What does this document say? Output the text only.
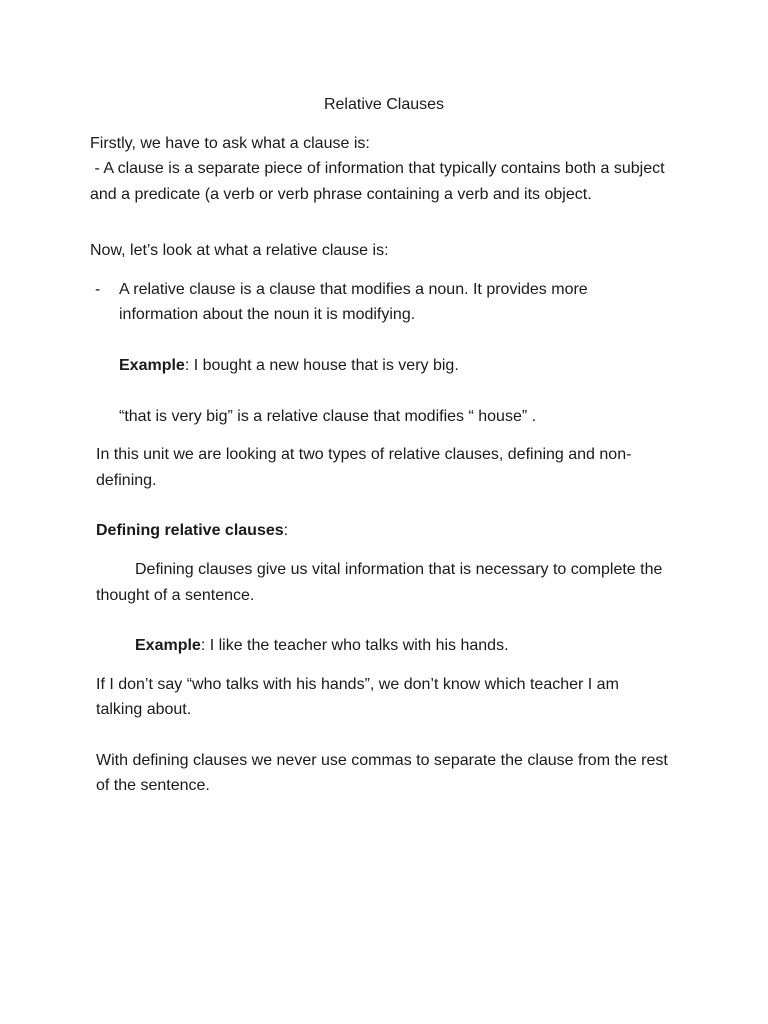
Relative Clauses
Firstly, we have to ask what a clause is:
- A clause is a separate piece of information that typically contains both a subject
and a predicate (a verb or verb phrase containing a verb and its object.
Now, let’s look at what a relative clause is:
- A relative clause is a clause that modifies a noun. It provides more
information about the noun it is modifying.
Example: I bought a new house that is very big.
“that is very big” is a relative clause that modifies “ house” .
In this unit we are looking at two types of relative clauses, defining and non-
defining.
Defining relative clauses:
Defining clauses give us vital information that is necessary to complete the
thought of a sentence.
Example: I like the teacher who talks with his hands.
If I don’t say “who talks with his hands”, we don’t know which teacher I am
talking about.
With defining clauses we never use commas to separate the clause from the rest
of the sentence.
